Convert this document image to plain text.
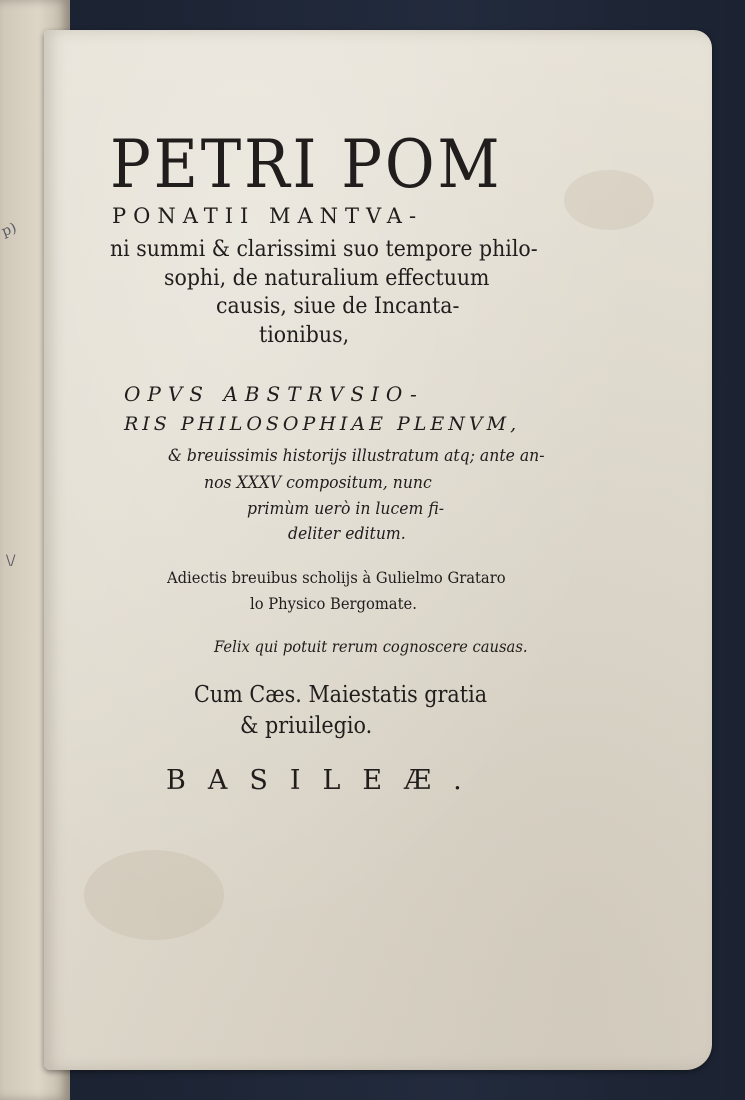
p)
\/
PETRI POM
PONATII MANTVA-
ni summi & clarissimi suo tempore philo-
sophi, de naturalium effectuum
causis, siue de Incanta-
tionibus,
OPVS ABSTRVSIO-
RIS PHILOSOPHIAE PLENVM,
& breuissimis historijs illustratum atq; ante an-
nos XXXV compositum, nunc
primùm uerò in lucem fi-
deliter editum.
Adiectis breuibus scholijs à Gulielmo Grataro
lo Physico Bergomate.
Felix qui potuit rerum cognoscere causas.
Cum Cæs. Maiestatis gratia
& priuilegio.
BASILEÆ.
